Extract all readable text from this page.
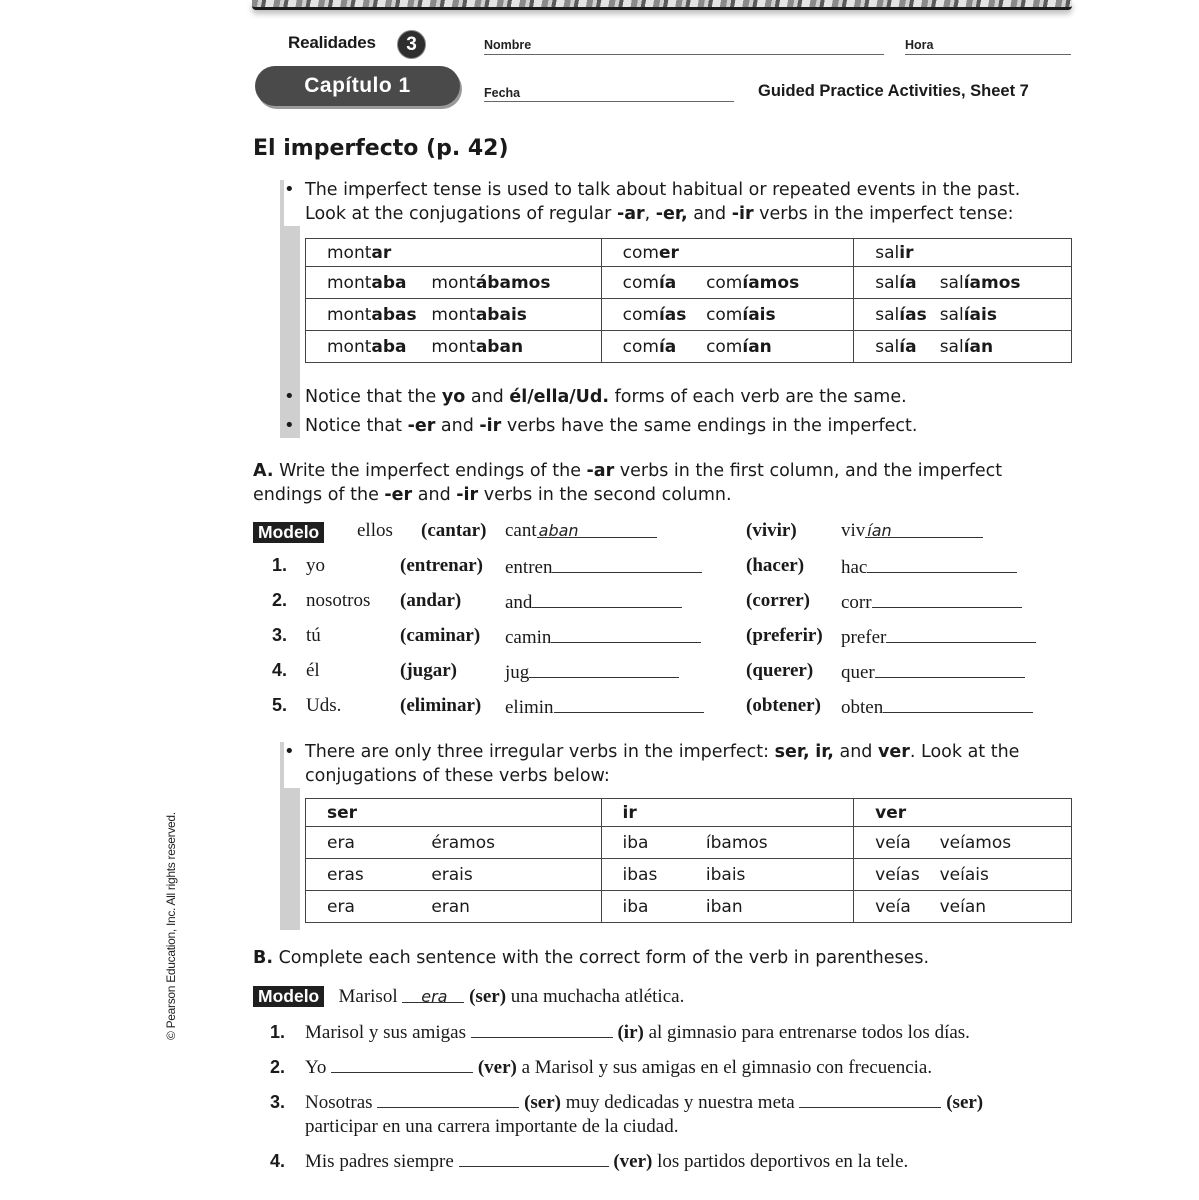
Realidades	3
Capítulo 1
Nombre	Hora
Fecha	Guided Practice Activities, Sheet 7
El imperfecto (p. 42)
• The imperfect tense is used to talk about habitual or repeated events in the past.
Look at the conjugations of regular -ar, -er, and -ir verbs in the imperfect tense:
montar		comer		salir	
montaba	montábamos	comía	comíamos	salía	salíamos
montabas	montabais	comías	comíais	salías	salíais
montaba	montaban	comía	comían	salía	salían
• Notice that the yo and él/ella/Ud. forms of each verb are the same.
• Notice that -er and -ir verbs have the same endings in the imperfect.
A. Write the imperfect endings of the -ar verbs in the first column, and the imperfect
endings of the -er and -ir verbs in the second column.
Modelo ellos (cantar) cant aban	(vivir) viv ían
1. yo	(entrenar) entren	(hacer) hac
2. nosotros (andar) and	(correr) corr
3. tú	(caminar) camin	(preferir) prefer
4. él	(jugar)	jug	(querer) quer
5. Uds.	(eliminar) elimin	(obtener) obten
• There are only three irregular verbs in the imperfect: ser, ir, and ver. Look at the
conjugations of these verbs below:
ser		ir		ver	
era	éramos	iba	íbamos	veía	veíamos
eras	erais	ibas	ibais	veías	veíais
era	eran	iba	iban	veía	veían
B. Complete each sentence with the correct form of the verb in parentheses.
Modelo Marisol era (ser) una muchacha atlética.
1.	Marisol y sus amigas	(ir) al gimnasio para entrenarse todos los días.
2.	Yo	(ver) a Marisol y sus amigas en el gimnasio con frecuencia.
3.	Nosotras	(ser) muy dedicadas y nuestra meta	(ser)
participar en una carrera importante de la ciudad.
4.	Mis padres siempre	(ver) los partidos deportivos en la tele.
© Pearson Education, Inc. All rights reserved.
